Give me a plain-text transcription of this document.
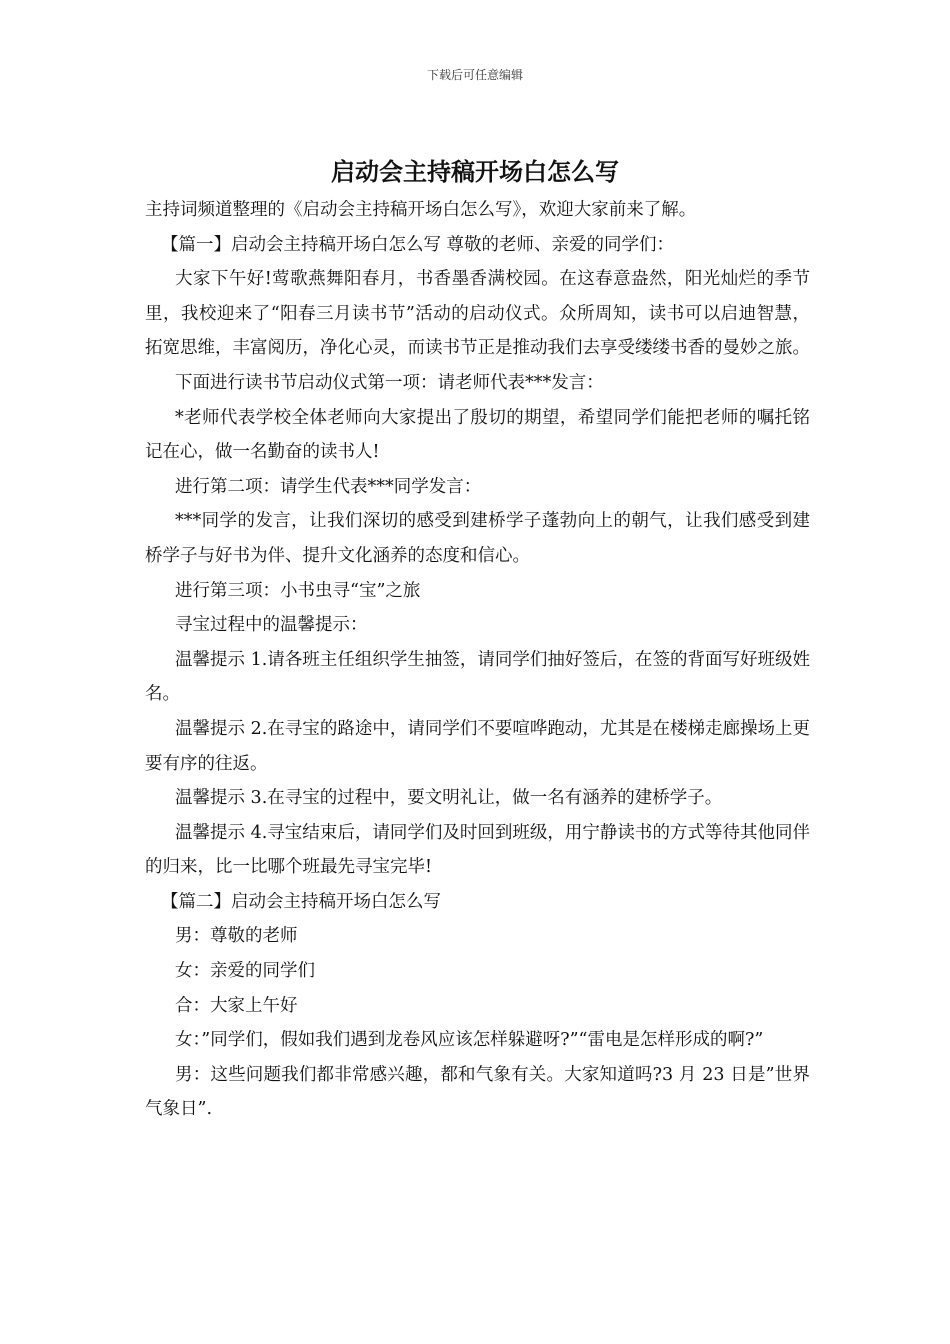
下载后可任意编辑
启动会主持稿开场白怎么写

主持词频道整理的《启动会主持稿开场白怎么写》，欢迎大家前来了解。

【篇一】启动会主持稿开场白怎么写 尊敬的老师、亲爱的同学们：

大家下午好!莺歌燕舞阳春月，书香墨香满校园。在这春意盎然，阳光灿烂的季节里，我校迎来了“阳春三月读书节”活动的启动仪式。众所周知，读书可以启迪智慧，拓宽思维，丰富阅历，净化心灵，而读书节正是推动我们去享受缕缕书香的曼妙之旅。

下面进行读书节启动仪式第一项：请老师代表***发言：

*老师代表学校全体老师向大家提出了殷切的期望，希望同学们能把老师的嘱托铭记在心，做一名勤奋的读书人!

进行第二项：请学生代表***同学发言：

***同学的发言，让我们深切的感受到建桥学子蓬勃向上的朝气，让我们感受到建桥学子与好书为伴、提升文化涵养的态度和信心。

进行第三项：小书虫寻“宝”之旅

寻宝过程中的温馨提示：

温馨提示 1.请各班主任组织学生抽签，请同学们抽好签后，在签的背面写好班级姓名。

温馨提示 2.在寻宝的路途中，请同学们不要喧哗跑动，尤其是在楼梯走廊操场上更要有序的往返。

温馨提示 3.在寻宝的过程中，要文明礼让，做一名有涵养的建桥学子。

温馨提示 4.寻宝结束后，请同学们及时回到班级，用宁静读书的方式等待其他同伴的归来，比一比哪个班最先寻宝完毕!

【篇二】启动会主持稿开场白怎么写

男：尊敬的老师

女：亲爱的同学们

合：大家上午好

女：”同学们，假如我们遇到龙卷风应该怎样躲避呀?”“雷电是怎样形成的啊?”

男：这些问题我们都非常感兴趣，都和气象有关。大家知道吗?3 月 23 日是”世界气象日”.
